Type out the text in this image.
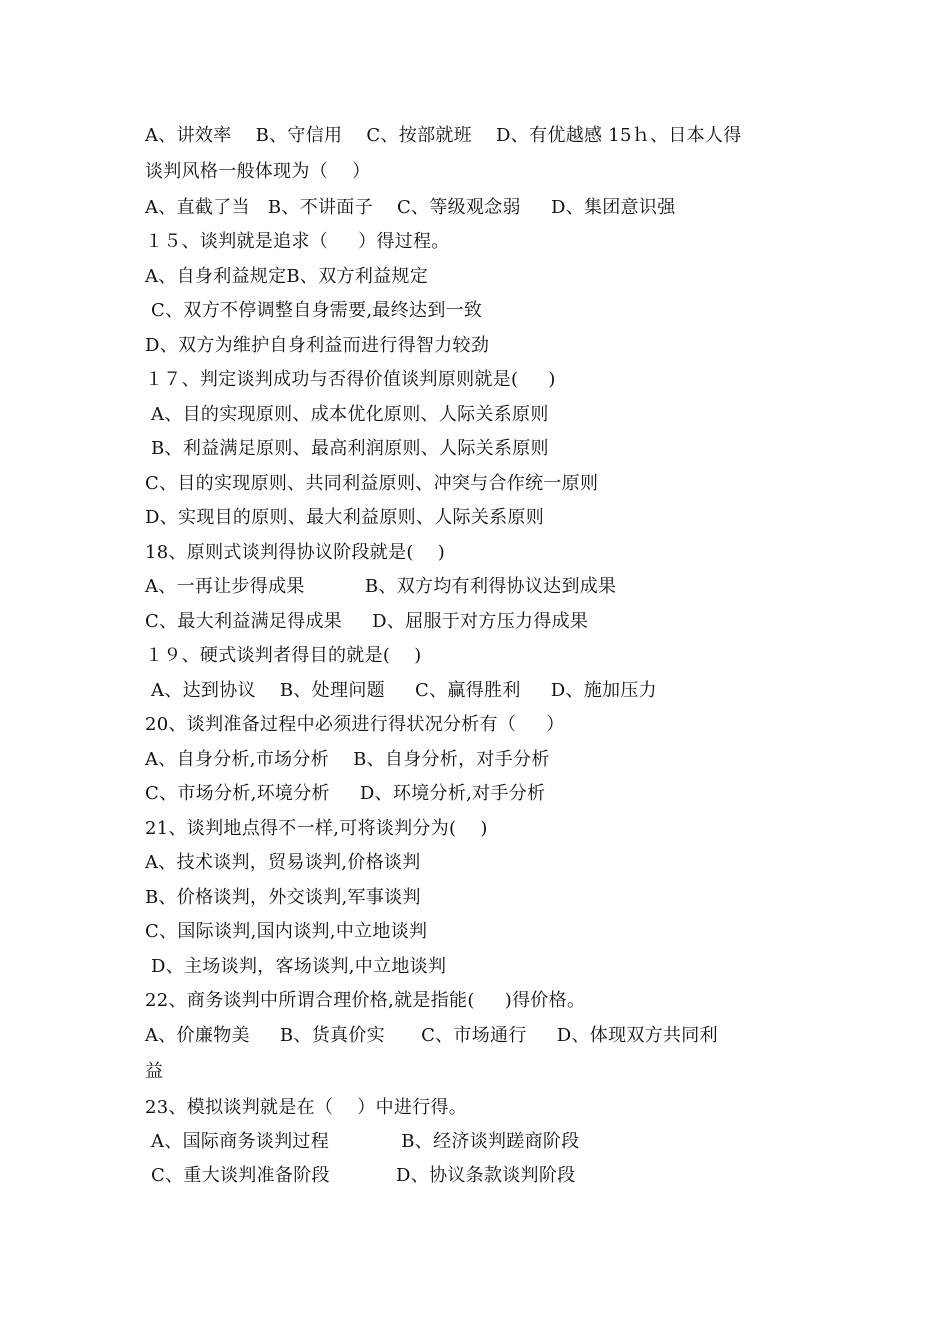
A、讲效率    B、守信用    C、按部就班    D、有优越感 15ｈ、日本人得
谈判风格一般体现为（    ）
A、直截了当   B、不讲面子    C、等级观念弱     D、集团意识强
１５、谈判就是追求（     ）得过程。
A、自身利益规定B、双方利益规定
C、双方不停调整自身需要,最终达到一致
D、双方为维护自身利益而进行得智力较劲
１７、判定谈判成功与否得价值谈判原则就是(     )
A、目的实现原则、成本优化原则、人际关系原则
B、利益满足原则、最高利润原则、人际关系原则
C、目的实现原则、共同利益原则、冲突与合作统一原则
D、实现目的原则、最大利益原则、人际关系原则
18、原则式谈判得协议阶段就是(    )
A、一再让步得成果          B、双方均有利得协议达到成果
C、最大利益满足得成果     D、屈服于对方压力得成果
１９、硬式谈判者得目的就是(    )
A、达到协议    B、处理问题     C、赢得胜利     D、施加压力
20、谈判准备过程中必须进行得状况分析有（     ）
A、自身分析,市场分析    B、自身分析，对手分析
C、市场分析,环境分析     D、环境分析,对手分析
21、谈判地点得不一样,可将谈判分为(    )
A、技术谈判，贸易谈判,价格谈判
B、价格谈判，外交谈判,军事谈判
C、国际谈判,国内谈判,中立地谈判
D、主场谈判，客场谈判,中立地谈判
22、商务谈判中所谓合理价格,就是指能(     )得价格。
A、价廉物美     B、货真价实      C、市场通行     D、体现双方共同利
益
23、模拟谈判就是在（    ）中进行得。
A、国际商务谈判过程            B、经济谈判蹉商阶段
C、重大谈判准备阶段           D、协议条款谈判阶段
